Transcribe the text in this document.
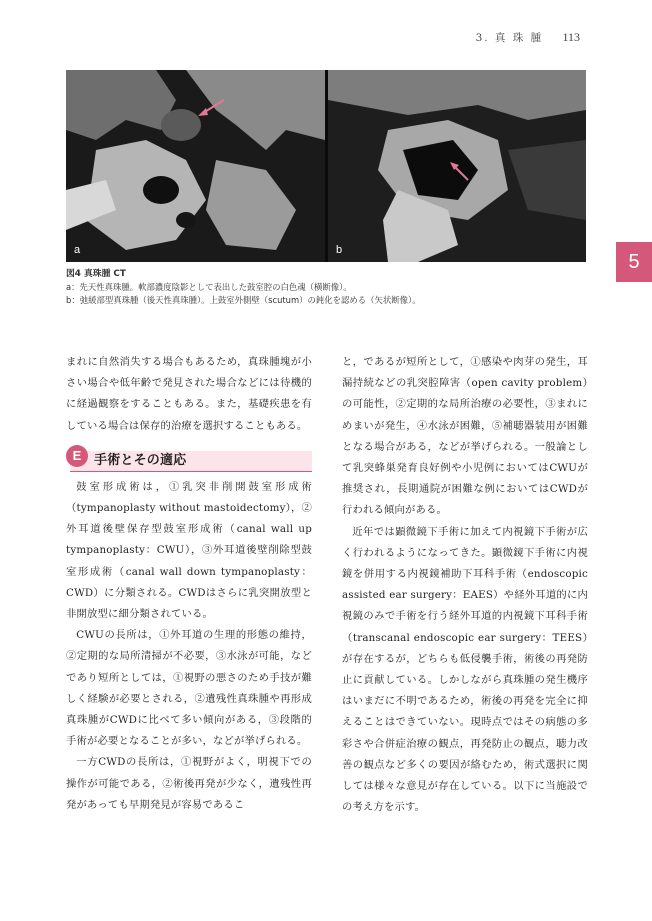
3. 真 珠 腫 113
5
a	b
図4 真珠腫 CT
a：先天性真珠腫。軟部濃度陰影として表出した鼓室腔の白色魂（横断像）。
b：弛緩部型真珠腫（後天性真珠腫）。上鼓室外側壁（scutum）の鈍化を認める（矢状断像）。

まれに自然消失する場合もあるため，真珠腫塊が小さい場合や低年齢で発見された場合などには待機的に経過観察をすることもある。また，基礎疾患を有している場合は保存的治療を選択することもある。

E 手術とその適応

鼓室形成術は，①乳突非削開鼓室形成術（tympanoplasty without mastoidectomy），②外耳道後壁保存型鼓室形成術（canal wall up tympanoplasty：CWU），③外耳道後壁削除型鼓室形成術（canal wall down tympanoplasty：CWD）に分類される。CWDはさらに乳突開放型と非開放型に細分類されている。

CWUの長所は，①外耳道の生理的形態の維持，②定期的な局所清掃が不必要，③水泳が可能，などであり短所としては，①視野の悪さのため手技が難しく経験が必要とされる，②遺残性真珠腫や再形成真珠腫がCWDに比べて多い傾向がある，③段階的手術が必要となることが多い，などが挙げられる。

一方CWDの長所は，①視野がよく，明視下での操作が可能である，②術後再発が少なく，遺残性再発があっても早期発見が容易であるこ

と，であるが短所として，①感染や肉芽の発生，耳漏持続などの乳突腔障害（open cavity problem）の可能性，②定期的な局所治療の必要性，③まれにめまいが発生，④水泳が困難，⑤補聴器装用が困難となる場合がある，などが挙げられる。一般論として乳突蜂巣発育良好例や小児例においてはCWUが推奨され，長期通院が困難な例においてはCWDが行われる傾向がある。

近年では顕微鏡下手術に加えて内視鏡下手術が広く行われるようになってきた。顕微鏡下手術に内視鏡を併用する内視鏡補助下耳科手術（endoscopic assisted ear surgery：EAES）や経外耳道的に内視鏡のみで手術を行う経外耳道的内視鏡下耳科手術（transcanal endoscopic ear surgery：TEES）が存在するが，どちらも低侵襲手術，術後の再発防止に貢献している。しかしながら真珠腫の発生機序はいまだに不明であるため，術後の再発を完全に抑えることはできていない。現時点ではその病態の多彩さや合併症治療の観点，再発防止の観点，聴力改善の観点など多くの要因が絡むため，術式選択に関しては様々な意見が存在している。以下に当施設での考え方を示す。
